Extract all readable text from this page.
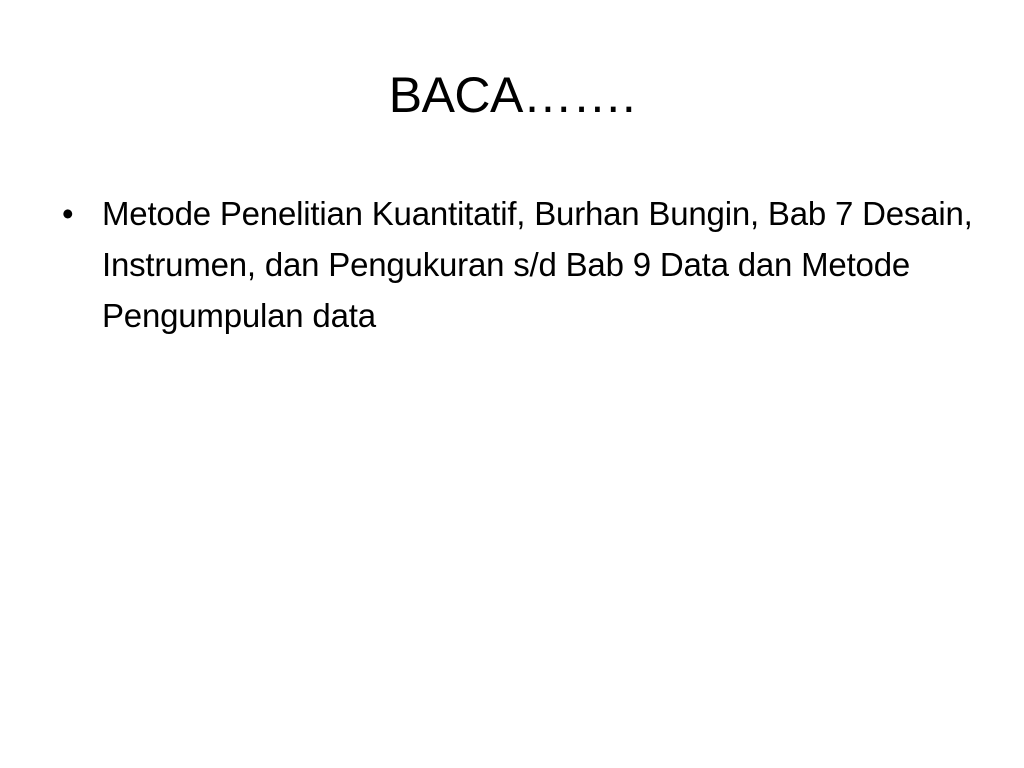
BACA…….
• Metode Penelitian Kuantitatif, Burhan Bungin, Bab 7 Desain, Instrumen, dan Pengukuran s/d Bab 9 Data dan Metode Pengumpulan data
